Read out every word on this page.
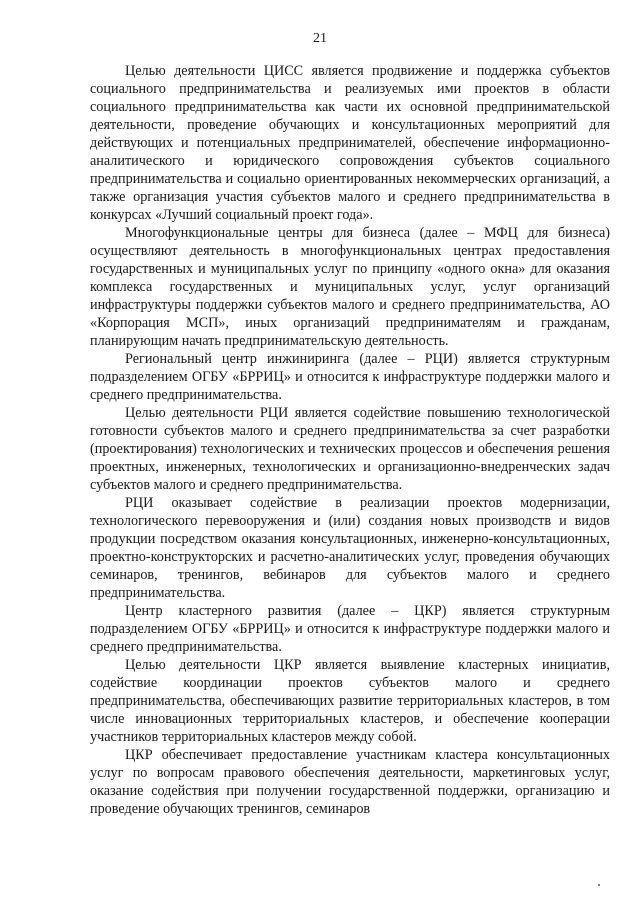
21

Целью деятельности ЦИСС является продвижение и поддержка субъектов социального предпринимательства и реализуемых ими проектов в области социального предпринимательства как части их основной предпринимательской деятельности, проведение обучающих и консультационных мероприятий для действующих и потенциальных предпринимателей, обеспечение информационно-аналитического и юридического сопровождения субъектов социального предпринимательства и социально ориентированных некоммерческих организаций, а также организация участия субъектов малого и среднего предпринимательства в конкурсах «Лучший социальный проект года».

Многофункциональные центры для бизнеса (далее – МФЦ для бизнеса) осуществляют деятельность в многофункциональных центрах предоставления государственных и муниципальных услуг по принципу «одного окна» для оказания комплекса государственных и муниципальных услуг, услуг организаций инфраструктуры поддержки субъектов малого и среднего предпринимательства, АО «Корпорация МСП», иных организаций предпринимателям и гражданам, планирующим начать предпринимательскую деятельность.

Региональный центр инжиниринга (далее – РЦИ) является структурным подразделением ОГБУ «БРРИЦ» и относится к инфраструктуре поддержки малого и среднего предпринимательства.

Целью деятельности РЦИ является содействие повышению технологической готовности субъектов малого и среднего предпринимательства за счет разработки (проектирования) технологических и технических процессов и обеспечения решения проектных, инженерных, технологических и организационно-внедренческих задач субъектов малого и среднего предпринимательства.

РЦИ оказывает содействие в реализации проектов модернизации, технологического перевооружения и (или) создания новых производств и видов продукции посредством оказания консультационных, инженерно-консультационных, проектно-конструкторских и расчетно-аналитических услуг, проведения обучающих семинаров, тренингов, вебинаров для субъектов малого и среднего предпринимательства.

Центр кластерного развития (далее – ЦКР) является структурным подразделением ОГБУ «БРРИЦ» и относится к инфраструктуре поддержки малого и среднего предпринимательства.

Целью деятельности ЦКР является выявление кластерных инициатив, содействие координации проектов субъектов малого и среднего предпринимательства, обеспечивающих развитие территориальных кластеров, в том числе инновационных территориальных кластеров, и обеспечение кооперации участников территориальных кластеров между собой.

ЦКР обеспечивает предоставление участникам кластера консультационных услуг по вопросам правового обеспечения деятельности, маркетинговых услуг, оказание содействия при получении государственной поддержки, организацию и проведение обучающих тренингов, семинаров
